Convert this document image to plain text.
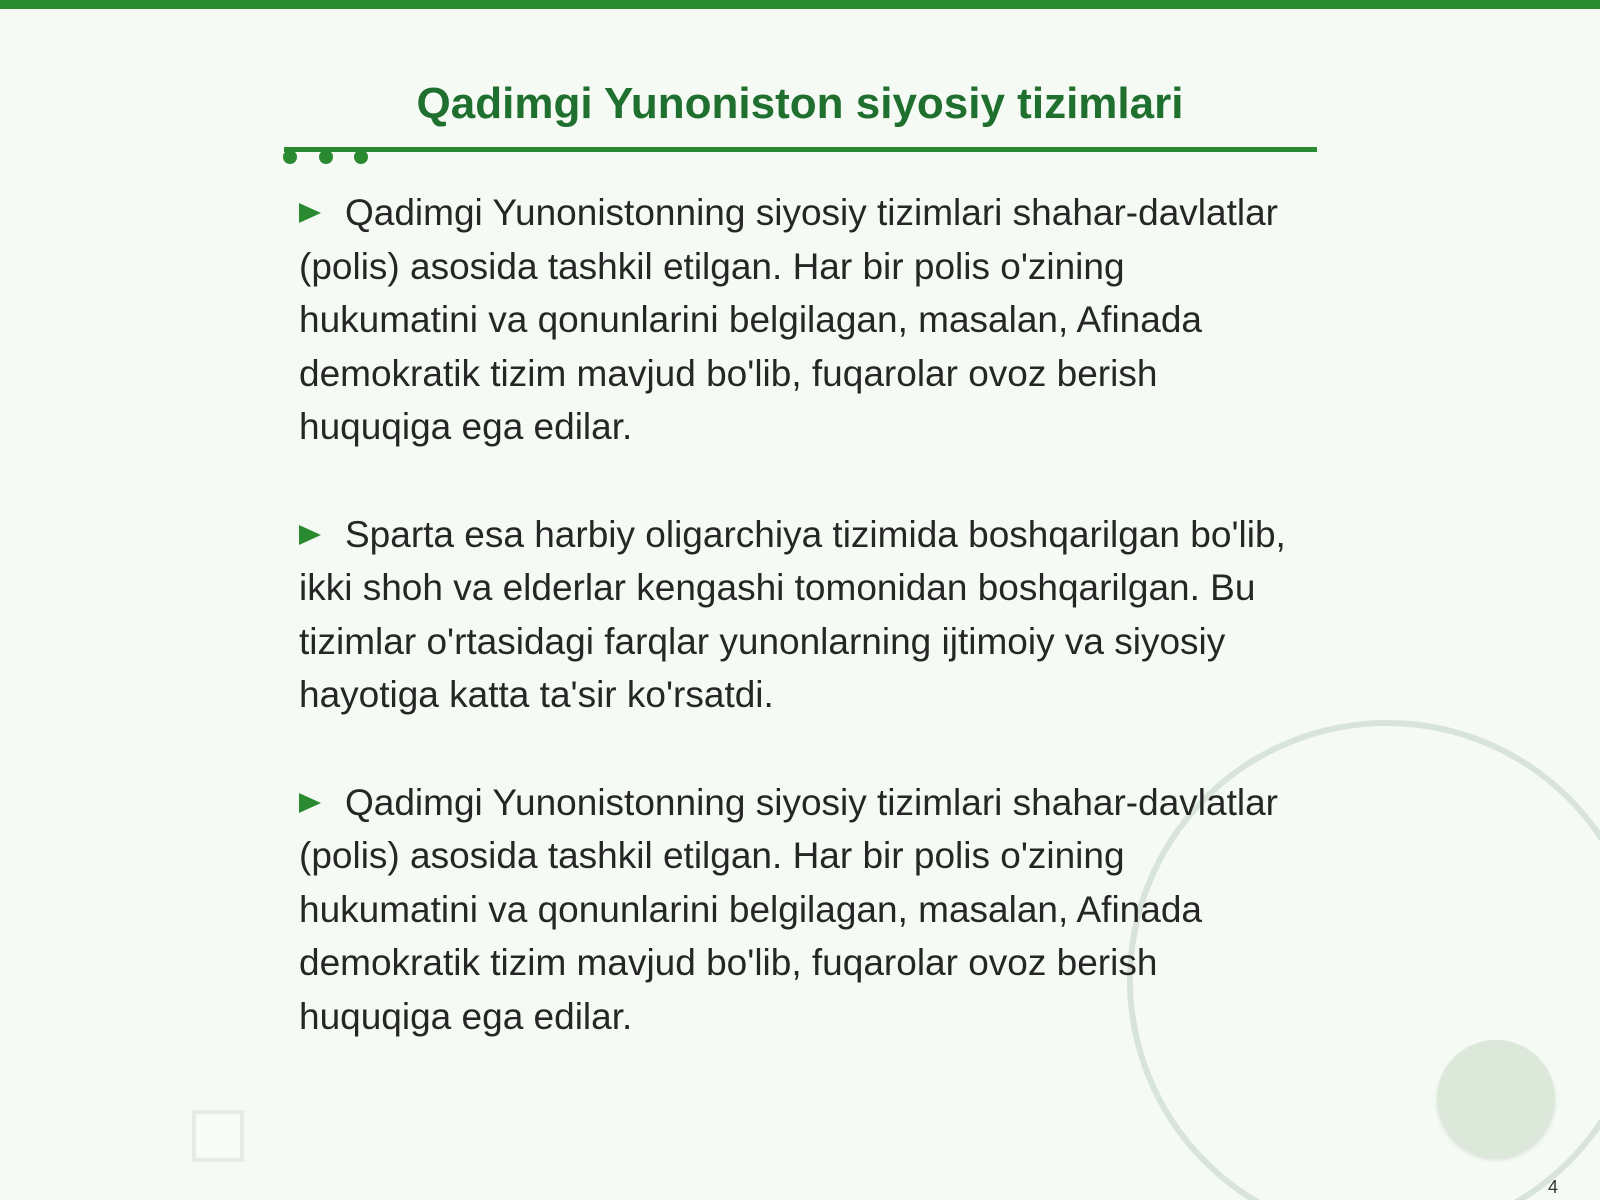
Qadimgi Yunoniston siyosiy tizimlari

Qadimgi Yunonistonning siyosiy tizimlari shahar-davlatlar (polis) asosida tashkil etilgan. Har bir polis o'zining hukumatini va qonunlarini belgilagan, masalan, Afinada demokratik tizim mavjud bo'lib, fuqarolar ovoz berish huquqiga ega edilar.

Sparta esa harbiy oligarchiya tizimida boshqarilgan bo'lib, ikki shoh va elderlar kengashi tomonidan boshqarilgan. Bu tizimlar o'rtasidagi farqlar yunonlarning ijtimoiy va siyosiy hayotiga katta ta'sir ko'rsatdi.

Qadimgi Yunonistonning siyosiy tizimlari shahar-davlatlar (polis) asosida tashkil etilgan. Har bir polis o'zining hukumatini va qonunlarini belgilagan, masalan, Afinada demokratik tizim mavjud bo'lib, fuqarolar ovoz berish huquqiga ega edilar.

4
